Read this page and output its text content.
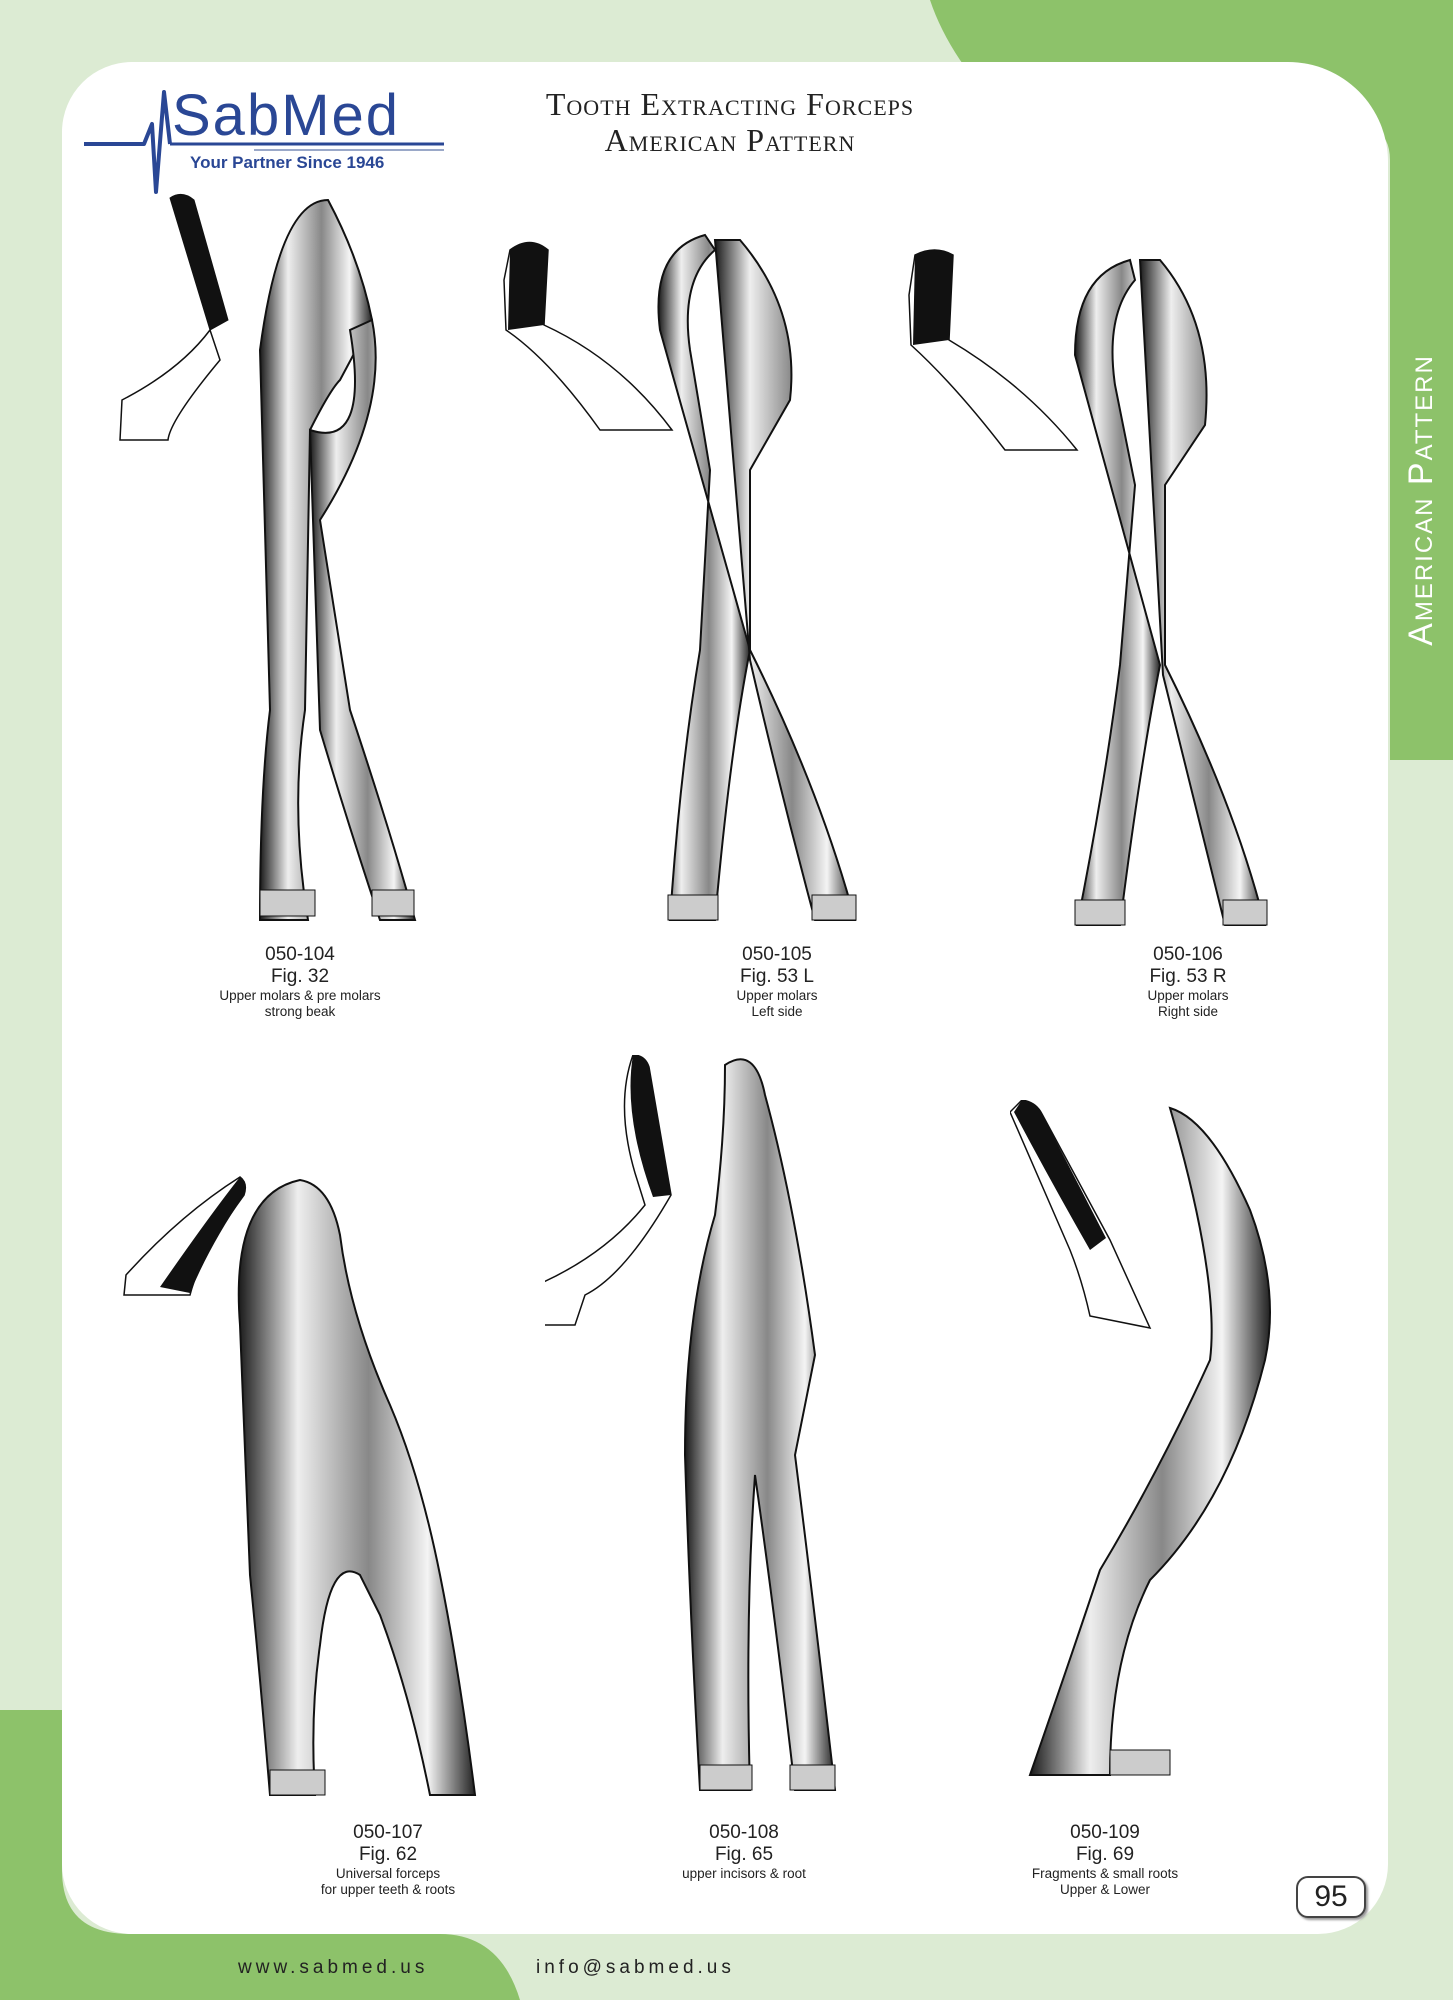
American Pattern
SabMed
Your Partner Since 1946
Tooth Extracting Forceps
American Pattern
050-104
Fig. 32
Upper molars & pre molars
strong beak
050-105
Fig. 53 L
Upper molars
Left side
050-106
Fig. 53 R
Upper molars
Right side
050-107
Fig. 62
Universal forceps
for upper teeth & roots
050-108
Fig. 65
upper incisors & root
050-109
Fig. 69
Fragments & small roots
Upper & Lower	95
www.sabmed.us	info@sabmed.us
